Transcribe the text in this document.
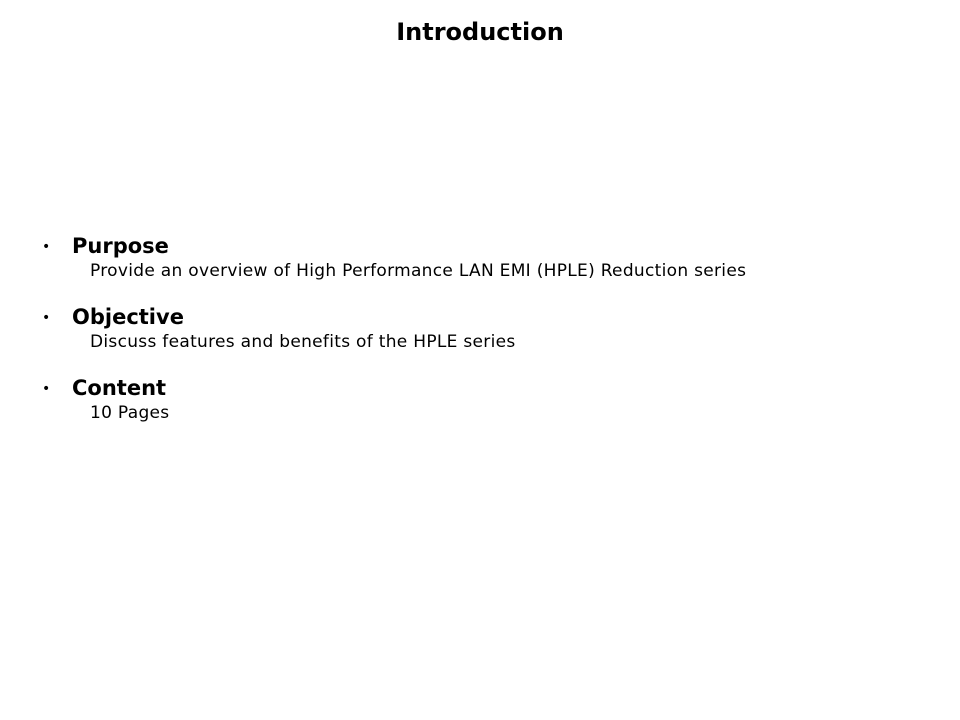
Introduction
• Purpose
Provide an overview of High Performance LAN EMI (HPLE) Reduction series
• Objective
Discuss features and benefits of the HPLE series
• Content
10 Pages
